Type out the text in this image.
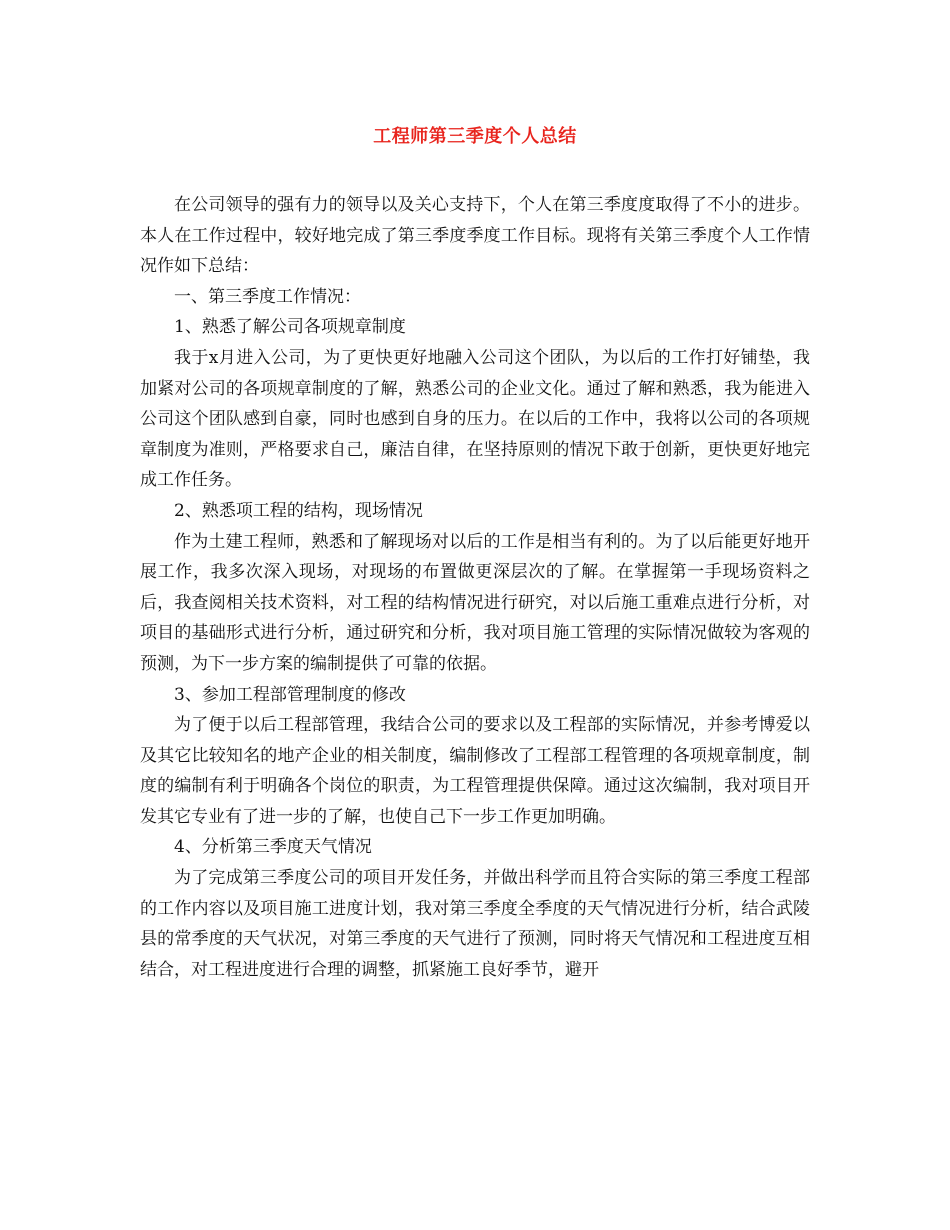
工程师第三季度个人总结

在公司领导的强有力的领导以及关心支持下，个人在第三季度度取得了不小的进步。本人在工作过程中，较好地完成了第三季度季度工作目标。现将有关第三季度个人工作情况作如下总结：

一、第三季度工作情况：

1、熟悉了解公司各项规章制度

我于x月进入公司，为了更快更好地融入公司这个团队，为以后的工作打好铺垫，我加紧对公司的各项规章制度的了解，熟悉公司的企业文化。通过了解和熟悉，我为能进入公司这个团队感到自豪，同时也感到自身的压力。在以后的工作中，我将以公司的各项规章制度为准则，严格要求自己，廉洁自律，在坚持原则的情况下敢于创新，更快更好地完成工作任务。

2、熟悉项工程的结构，现场情况

作为土建工程师，熟悉和了解现场对以后的工作是相当有利的。为了以后能更好地开展工作，我多次深入现场，对现场的布置做更深层次的了解。在掌握第一手现场资料之后，我查阅相关技术资料，对工程的结构情况进行研究，对以后施工重难点进行分析，对项目的基础形式进行分析，通过研究和分析，我对项目施工管理的实际情况做较为客观的预测，为下一步方案的编制提供了可靠的依据。

3、参加工程部管理制度的修改

为了便于以后工程部管理，我结合公司的要求以及工程部的实际情况，并参考博爱以及其它比较知名的地产企业的相关制度，编制修改了工程部工程管理的各项规章制度，制度的编制有利于明确各个岗位的职责，为工程管理提供保障。通过这次编制，我对项目开发其它专业有了进一步的了解，也使自己下一步工作更加明确。

4、分析第三季度天气情况

为了完成第三季度公司的项目开发任务，并做出科学而且符合实际的第三季度工程部的工作内容以及项目施工进度计划，我对第三季度全季度的天气情况进行分析，结合武陵县的常季度的天气状况，对第三季度的天气进行了预测，同时将天气情况和工程进度互相结合，对工程进度进行合理的调整，抓紧施工良好季节，避开
